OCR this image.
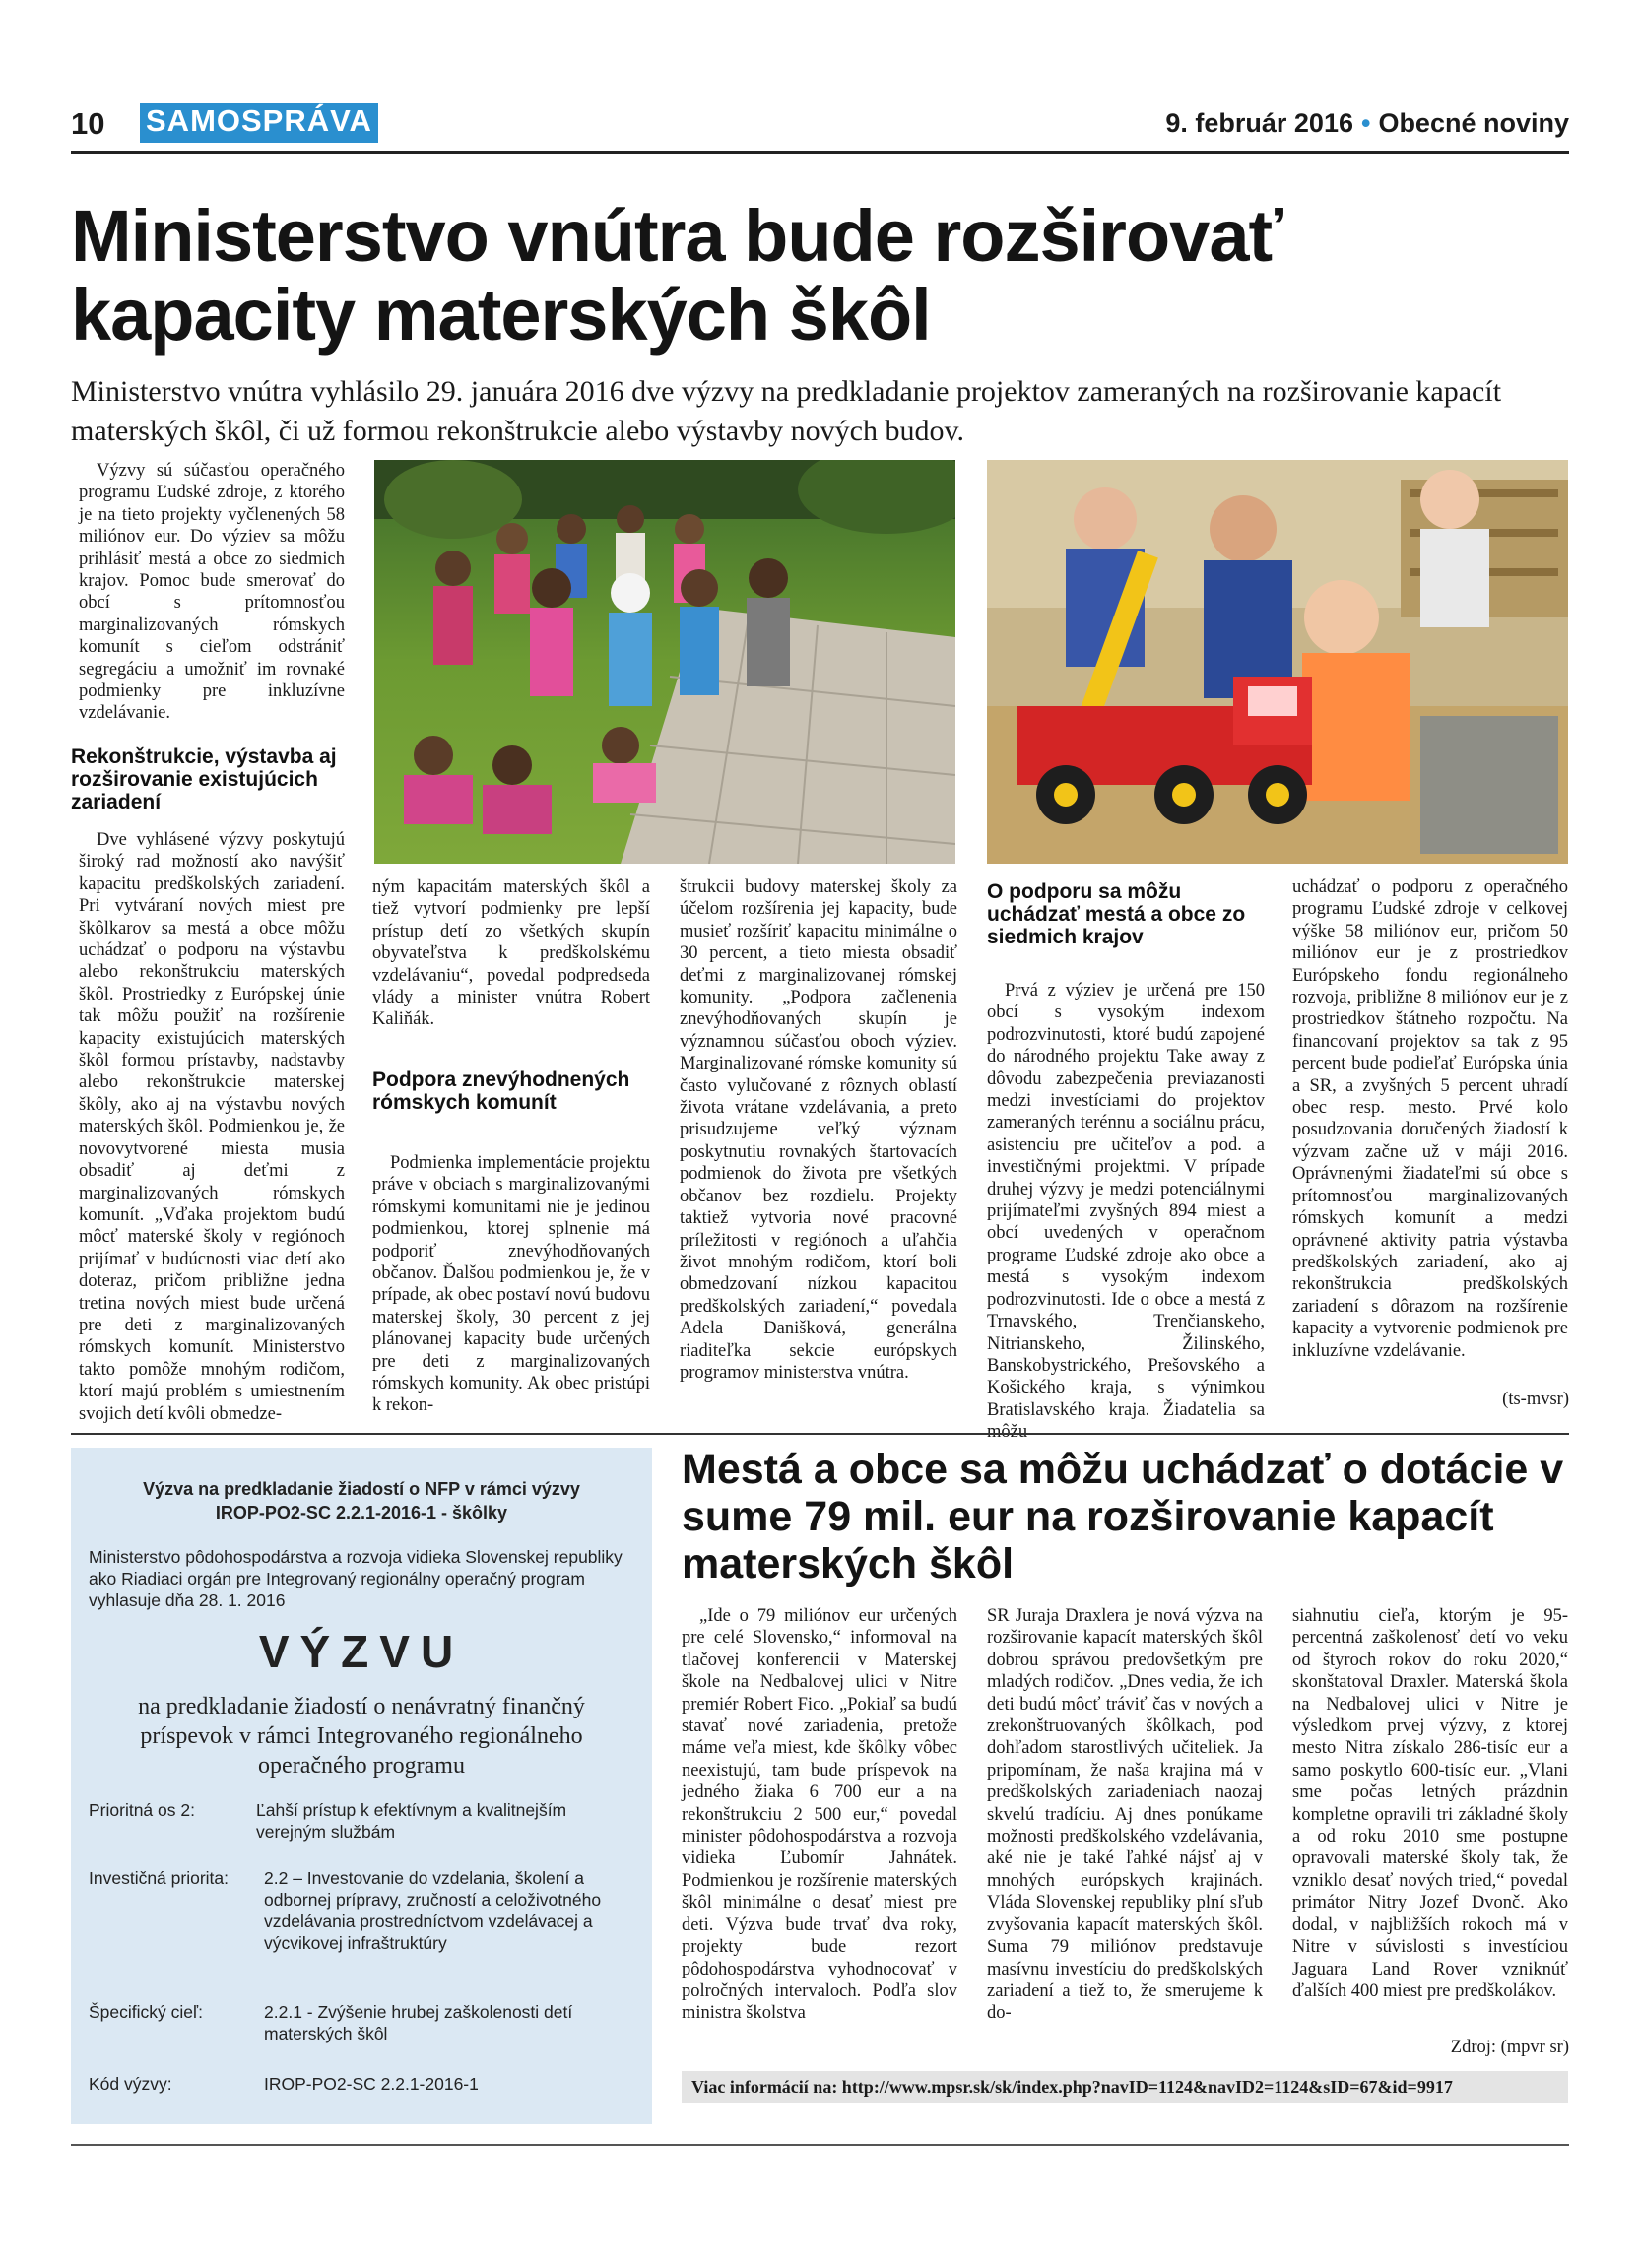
10 SAMOSPRÁVA	9. február 2016 • Obecné noviny
Ministerstvo vnútra bude rozširovať kapacity materských škôl

Ministerstvo vnútra vyhlásilo 29. januára 2016 dve výzvy na predkladanie projektov zameraných na rozširovanie kapacít materských škôl, či už formou rekonštrukcie alebo výstavby nových budov.

Výzvy sú súčasťou operačného programu Ľudské zdroje, z ktorého je na tieto projekty vyčlenených 58 miliónov eur. Do výziev sa môžu prihlásiť mestá a obce zo siedmich krajov. Pomoc bude smerovať do obcí s prítomnosťou marginalizovaných rómskych komunít s cieľom odstrániť segregáciu a umožniť im rovnaké podmienky pre inkluzívne vzdelávanie.

Rekonštrukcie, výstavba aj rozširovanie existujúcich zariadení

Dve vyhlásené výzvy poskytujú široký rad možností ako navýšiť kapacitu predškolských zariadení. Pri vytváraní nových miest pre škôlkarov sa mestá a obce môžu uchádzať o podporu na výstavbu alebo rekonštrukciu materských škôl. Prostriedky z Európskej únie tak môžu použiť na rozšírenie kapacity existujúcich materských škôl formou prístavby, nadstavby alebo rekonštrukcie materskej škôly, ako aj na výstavbu nových materských škôl. Podmienkou je, že novovytvorené miesta musia obsadiť aj deťmi z marginalizovaných rómskych komunít. „Vďaka projektom budú môcť materské školy v regiónoch prijímať v budúcnosti viac detí ako doteraz, pričom približne jedna tretina nových miest bude určená pre deti z marginalizovaných rómskych komunít. Ministerstvo takto pomôže mnohým rodičom, ktorí majú problém s umiestnením svojich detí kvôli obmedze-

ným kapacitám materských škôl a tiež vytvorí podmienky pre lepší prístup detí zo všetkých skupín obyvateľstva k predškolskému vzdelávaniu“, povedal podpredseda vlády a minister vnútra Robert Kaliňák.

Podpora znevýhodnených rómskych komunít

Podmienka implementácie projektu práve v obciach s marginalizovanými rómskymi komunitami nie je jedinou podmienkou, ktorej splnenie má podporiť znevýhodňovaných občanov. Ďalšou podmienkou je, že v prípade, ak obec postaví novú budovu materskej školy, 30 percent z jej plánovanej kapacity bude určených pre deti z marginalizovaných rómskych komunity. Ak obec pristúpi k rekon-

štrukcii budovy materskej školy za účelom rozšírenia jej kapacity, bude musieť rozšíriť kapacitu minimálne o 30 percent, a tieto miesta obsadiť deťmi z marginalizovanej rómskej komunity. „Podpora začlenenia znevýhodňovaných skupín je významnou súčasťou oboch výziev. Marginalizované rómske komunity sú často vylučované z rôznych oblastí života vrátane vzdelávania, a preto prisudzujeme veľký význam poskytnutiu rovnakých štartovacích podmienok do života pre všetkých občanov bez rozdielu. Projekty taktiež vytvoria nové pracovné príležitosti v regiónoch a uľahčia život mnohým rodičom, ktorí boli obmedzovaní nízkou kapacitou predškolských zariadení,“ povedala Adela Danišková, generálna riaditeľka sekcie európskych programov ministerstva vnútra.

O podporu sa môžu uchádzať mestá a obce zo siedmich krajov

Prvá z výziev je určená pre 150 obcí s vysokým indexom podrozvinutosti, ktoré budú zapojené do národného projektu Take away z dôvodu zabezpečenia previazanosti medzi investíciami do projektov zameraných terénnu a sociálnu prácu, asistenciu pre učiteľov a pod. a investičnými projektmi. V prípade druhej výzvy je medzi potenciálnymi prijímateľmi zvyšných 894 miest a obcí uvedených v operačnom programe Ľudské zdroje ako obce a mestá s vysokým indexom podrozvinutosti. Ide o obce a mestá z Trnavského, Trenčianskeho, Nitrianskeho, Žilinského, Banskobystrického, Prešovského a Košického kraja, s výnimkou Bratislavského kraja. Žiadatelia sa

uchádzať o podporu z operačného programu Ľudské zdroje v celkovej výške 58 miliónov eur, pričom 50 miliónov eur je z prostriedkov Európskeho fondu regionálneho rozvoja, približne 8 miliónov eur je z prostriedkov štátneho rozpočtu. Na financovaní projektov sa tak z 95 percent bude podieľať Európska únia a SR, a zvyšných 5 percent uhradí obec resp. mesto. Prvé kolo posudzovania doručených žiadostí k výzvam začne už v máji 2016. Oprávnenými žiadateľmi sú obce s prítomnosťou marginalizovaných rómskych komunít a medzi oprávnené aktivity patria výstavba predškolských zariadení, ako aj rekonštrukcia predškolských zariadení s dôrazom na rozšírenie kapacity a vytvorenie podmienok pre inkluzívne vzdelávanie.

(ts-mvsr)
Výzva na predkladanie žiadostí o NFP v rámci výzvy IROP-PO2-SC 2.2.1-2016-1 - škôlky
Ministerstvo pôdohospodárstva a rozvoja vidieka Slovenskej republiky ako Riadiaci orgán pre Integrovaný regionálny operačný program vyhlasuje dňa 28. 1. 2016
VÝZVU
na predkladanie žiadostí o nenávratný finančný príspevok v rámci Integrovaného regionálneho operačného programu
Prioritná os 2:	Ľahší prístup k efektívnym a kvalitnejším verejným službám
Investičná priorita: 2.2 – Investovanie do vzdelania, školení a odbornej prípravy, zručností a celoživotného vzdelávania prostredníctvom vzdelávacej a výcvikovej infraštruktúry
Špecifický cieľ:	2.2.1 - Zvýšenie hrubej zaškolenosti detí materských škôl
Kód výzvy:	IROP-PO2-SC 2.2.1-2016-1
Mestá a obce sa môžu uchádzať o dotácie v sume 79 mil. eur na rozširovanie kapacít materských škôl

„Ide o 79 miliónov eur určených pre celé Slovensko,“ informoval na tlačovej konferencii v Materskej škole na Nedbalovej ulici v Nitre premiér Robert Fico. „Pokiaľ sa budú stavať nové zariadenia, pretože máme veľa miest, kde škôlky vôbec neexistujú, tam bude príspevok na jedného žiaka 6 700 eur a na rekonštrukciu 2 500 eur,“ povedal minister pôdohospodárstva a rozvoja vidieka Ľubomír Jahnátek. Podmienkou je rozšírenie materských škôl minimálne o desať miest pre deti. Výzva bude trvať dva roky, projekty bude rezort pôdohospodárstva vyhodnocovať v polročných intervaloch. Podľa slov ministra školstva

SR Juraja Draxlera je nová výzva na rozširovanie kapacít materských škôl dobrou správou predovšetkým pre mladých rodičov. „Dnes vedia, že ich deti budú môcť tráviť čas v nových a zrekonštruovaných škôlkach, pod dohľadom starostlivých učiteliek. Ja pripomínam, že naša krajina má v predškolských zariadeniach naozaj skvelú tradíciu. Aj dnes ponúkame možnosti predškolského vzdelávania, aké nie je také ľahké nájsť aj v mnohých európskych krajinách. Vláda Slovenskej republiky plní sľub zvyšovania kapacít materských škôl. Suma 79 miliónov predstavuje masívnu investíciu do predškolských zariadení a tiež to, že smerujeme k do-

siahnutiu cieľa, ktorým je 95-percentná zaškolenosť detí vo veku od štyroch rokov do roku 2020,“ skonštatoval Draxler. Materská škola na Nedbalovej ulici v Nitre je výsledkom prvej výzvy, z ktorej mesto Nitra získalo 286-tisíc eur a samo poskytlo 600-tisíc eur. „Vlani sme počas letných prázdnin kompletne opravili tri základné školy a od roku 2010 sme postupne opravovali materské školy tak, že vzniklo desať nových tried,“ povedal primátor Nitry Jozef Dvonč. Ako dodal, v najbližších rokoch má v Nitre v súvislosti s investíciou Jaguara Land Rover vzniknúť ďalších 400 miest pre predškolákov.

Zdroj: (mpvr sr)
Viac informácií na: http://www.mpsr.sk/sk/index.php?navID=1124&navID2=1124&sID=67&id=9917
